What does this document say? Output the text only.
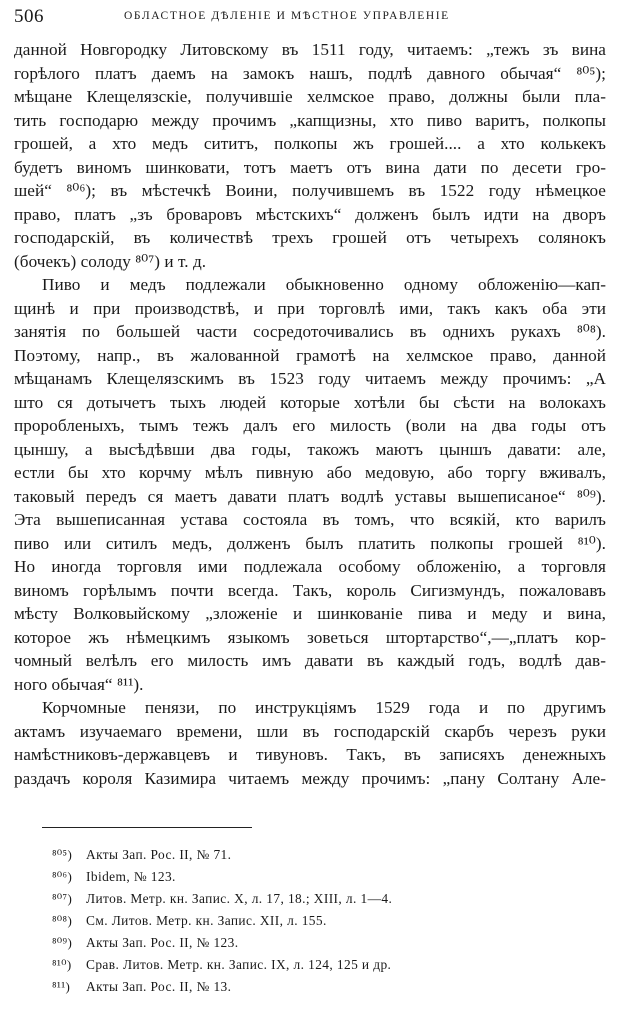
506	ОБЛАСТНОЕ ДѢЛЕНІЕ И МѢСТНОЕ УПРАВЛЕНІЕ
данной Новгородку Литовскому въ 1511 году, читаемъ: „тежъ зъ вина
горѣлого платъ даемъ на замокъ нашъ, подлѣ давного обычая“ ⁸⁰⁵);
мѣщане Клещелязскіе, получившіе хелмское право, должны были пла-
тить господарю между прочимъ „капщизны, хто пиво варитъ, полкопы
грошей, а хто медъ сититъ, полкопы жъ грошей.... а хто колькекъ
будетъ виномъ шинковати, тотъ маетъ отъ вина дати по десети гро-
шей“ ⁸⁰⁶); въ мѣстечкѣ Воини, получившемъ въ 1522 году нѣмецкое
право, платъ „зъ броваровъ мѣстскихъ“ долженъ былъ идти на дворъ
господарскій, въ количествѣ трехъ грошей отъ четырехъ солянокъ
(бочекъ) солоду ⁸⁰⁷) и т. д.
Пиво и медъ подлежали обыкновенно одному обложенію—кап-
щинѣ и при производствѣ, и при торговлѣ ими, такъ какъ оба эти
занятія по большей части сосредоточивались въ однихъ рукахъ ⁸⁰⁸).
Поэтому, напр., въ жалованной грамотѣ на хелмское право, данной
мѣщанамъ Клещелязскимъ въ 1523 году читаемъ между прочимъ: „А
што ся дотычетъ тыхъ людей которые хотѣли бы сѣсти на волокахъ
проробленыхъ, тымъ тежъ далъ его милость (воли на два годы отъ
цыншу, а высѣдѣвши два годы, такожъ маютъ цыншъ давати: але,
естли бы хто корчму мѣлъ пивную або медовую, або торгу вживалъ,
таковый передъ ся маетъ давати платъ водлѣ уставы вышеписаное“ ⁸⁰⁹).
Эта вышеписанная устава состояла въ томъ, что всякій, кто варилъ
пиво или ситилъ медъ, долженъ былъ платить полкопы грошей ⁸¹⁰).
Но иногда торговля ими подлежала особому обложенію, а торговля
виномъ горѣлымъ почти всегда. Такъ, король Сигизмундъ, пожаловавъ
мѣсту Волковыйскому „зложеніе и шинкованіе пива и меду и вина,
которое жъ нѣмецкимъ языкомъ зовеτься штортарство“,—„платъ кор-
чомный велѣлъ его милость имъ давати въ каждый годъ, водлѣ дав-
ного обычая“ ⁸¹¹).
Корчомные пенязи, по инструкціямъ 1529 года и по другимъ
актамъ изучаемаго времени, шли въ господарскій скарбъ черезъ руки
намѣстниковъ-державцевъ и тивуновъ. Такъ, въ записяхъ денежныхъ
раздачъ короля Казимира читаемъ между прочимъ: „пану Солтану Але-
⁸⁰⁵) Акты Зап. Рос. II, № 71.
⁸⁰⁶) Ibidem, № 123.
⁸⁰⁷) Литов. Метр. кн. Запис. X, л. 17, 18.; XIII, л. 1—4.
⁸⁰⁸) См. Литов. Метр. кн. Запис. XII, л. 155.
⁸⁰⁹) Акты Зап. Рос. II, № 123.
⁸¹⁰) Срав. Литов. Метр. кн. Запис. IX, л. 124, 125 и др.
⁸¹¹) Акты Зап. Рос. II, № 13.
